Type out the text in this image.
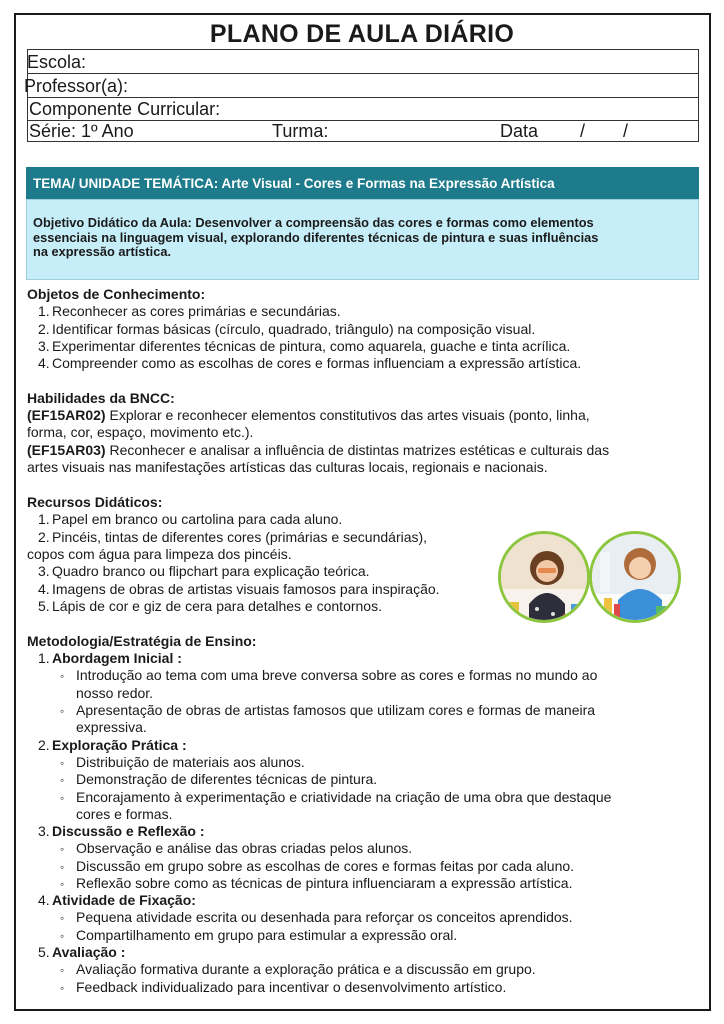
PLANO DE AULA DIÁRIO
Escola:
Professor(a):
Componente Curricular:
Série: 1º Ano	Turma:	Data / /
TEMA/ UNIDADE TEMÁTICA: Arte Visual - Cores e Formas na Expressão Artística
Objetivo Didático da Aula: Desenvolver a compreensão das cores e formas como elementos
essenciais na linguagem visual, explorando diferentes técnicas de pintura e suas influências
na expressão artística.
Objetos de Conhecimento:
1. Reconhecer as cores primárias e secundárias.
2. Identificar formas básicas (círculo, quadrado, triângulo) na composição visual.
3. Experimentar diferentes técnicas de pintura, como aquarela, guache e tinta acrílica.
4. Compreender como as escolhas de cores e formas influenciam a expressão artística.
Habilidades da BNCC:
(EF15AR02) Explorar e reconhecer elementos constitutivos das artes visuais (ponto, linha,
forma, cor, espaço, movimento etc.).
(EF15AR03) Reconhecer e analisar a influência de distintas matrizes estéticas e culturais das
artes visuais nas manifestações artísticas das culturas locais, regionais e nacionais.
Recursos Didáticos:
1. Papel em branco ou cartolina para cada aluno.
2. Pincéis, tintas de diferentes cores (primárias e secundárias),
copos com água para limpeza dos pincéis.
3. Quadro branco ou flipchart para explicação teórica.
4. Imagens de obras de artistas visuais famosos para inspiração.
5. Lápis de cor e giz de cera para detalhes e contornos.
Metodologia/Estratégia de Ensino:
1. Abordagem Inicial :
◦ Introdução ao tema com uma breve conversa sobre as cores e formas no mundo ao
nosso redor.
◦ Apresentação de obras de artistas famosos que utilizam cores e formas de maneira
expressiva.
2. Exploração Prática :
◦ Distribuição de materiais aos alunos.
◦ Demonstração de diferentes técnicas de pintura.
◦ Encorajamento à experimentação e criatividade na criação de uma obra que destaque
cores e formas.
3. Discussão e Reflexão :
◦ Observação e análise das obras criadas pelos alunos.
◦ Discussão em grupo sobre as escolhas de cores e formas feitas por cada aluno.
◦ Reflexão sobre como as técnicas de pintura influenciaram a expressão artística.
4. Atividade de Fixação:
◦ Pequena atividade escrita ou desenhada para reforçar os conceitos aprendidos.
◦ Compartilhamento em grupo para estimular a expressão oral.
5. Avaliação :
◦ Avaliação formativa durante a exploração prática e a discussão em grupo.
◦ Feedback individualizado para incentivar o desenvolvimento artístico.
